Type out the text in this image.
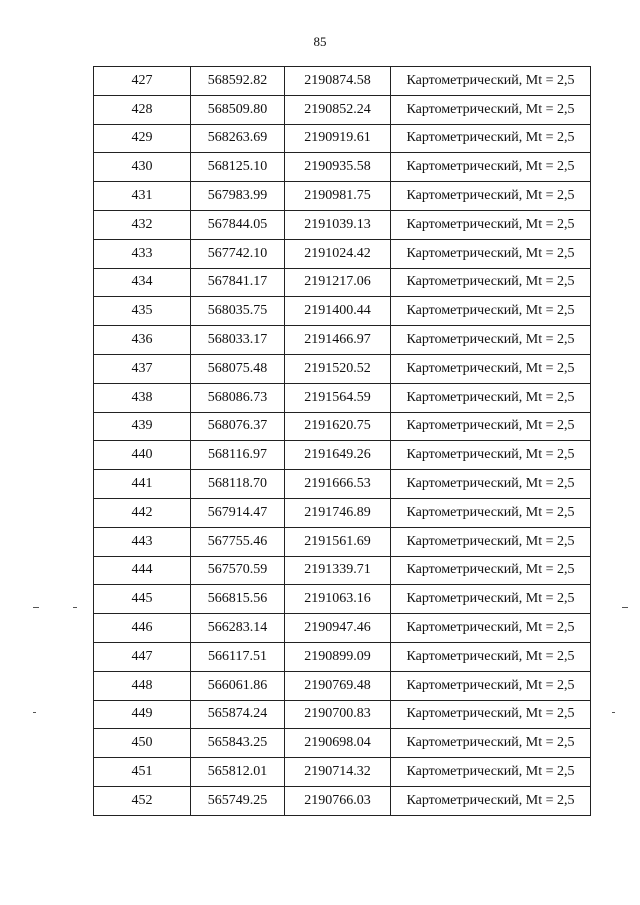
85
427	568592.82	2190874.58	Картометрический, Mt = 2,5
428	568509.80	2190852.24	Картометрический, Mt = 2,5
429	568263.69	2190919.61	Картометрический, Mt = 2,5
430	568125.10	2190935.58	Картометрический, Mt = 2,5
431	567983.99	2190981.75	Картометрический, Mt = 2,5
432	567844.05	2191039.13	Картометрический, Mt = 2,5
433	567742.10	2191024.42	Картометрический, Mt = 2,5
434	567841.17	2191217.06	Картометрический, Mt = 2,5
435	568035.75	2191400.44	Картометрический, Mt = 2,5
436	568033.17	2191466.97	Картометрический, Mt = 2,5
437	568075.48	2191520.52	Картометрический, Mt = 2,5
438	568086.73	2191564.59	Картометрический, Mt = 2,5
439	568076.37	2191620.75	Картометрический, Mt = 2,5
440	568116.97	2191649.26	Картометрический, Mt = 2,5
441	568118.70	2191666.53	Картометрический, Mt = 2,5
442	567914.47	2191746.89	Картометрический, Mt = 2,5
443	567755.46	2191561.69	Картометрический, Mt = 2,5
444	567570.59	2191339.71	Картометрический, Mt = 2,5
445	566815.56	2191063.16	Картометрический, Mt = 2,5
446	566283.14	2190947.46	Картометрический, Mt = 2,5
447	566117.51	2190899.09	Картометрический, Mt = 2,5
448	566061.86	2190769.48	Картометрический, Mt = 2,5
449	565874.24	2190700.83	Картометрический, Mt = 2,5
450	565843.25	2190698.04	Картометрический, Mt = 2,5
451	565812.01	2190714.32	Картометрический, Mt = 2,5
452	565749.25	2190766.03	Картометрический, Mt = 2,5
